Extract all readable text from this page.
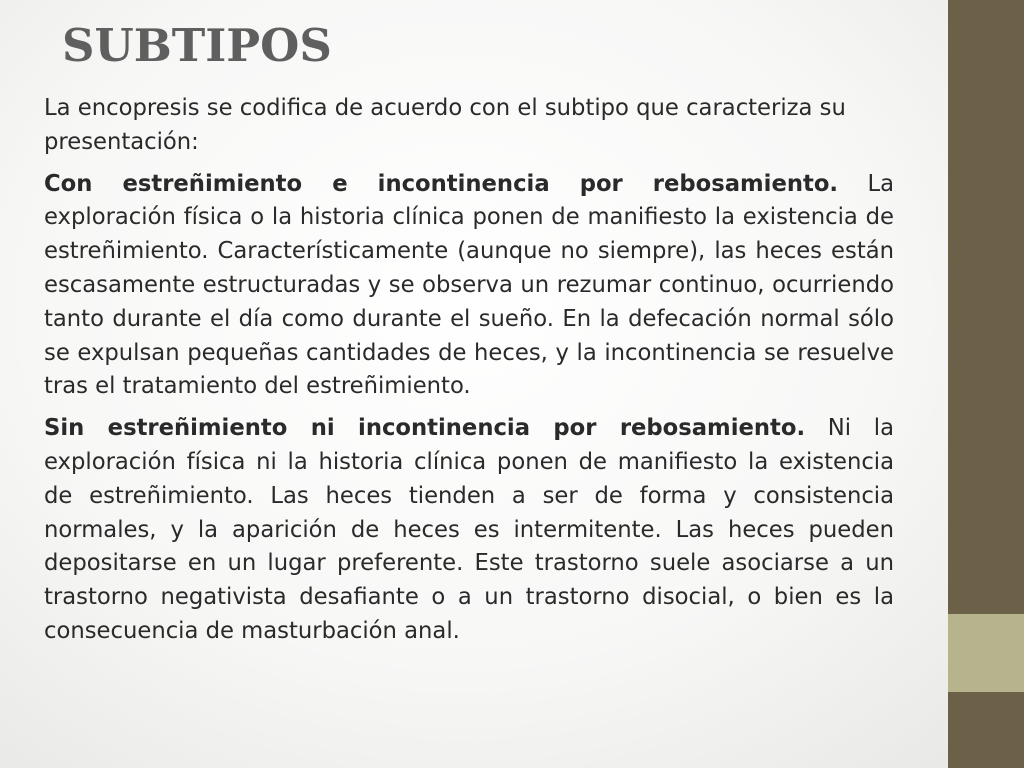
SUBTIPOS

La encopresis se codifica de acuerdo con el subtipo que caracteriza su presentación:

Con estreñimiento e incontinencia por rebosamiento. La exploración física o la historia clínica ponen de manifiesto la existencia de estreñimiento. Característicamente (aunque no siempre), las heces están escasamente estructuradas y se observa un rezumar continuo, ocurriendo tanto durante el día como durante el sueño. En la defecación normal sólo se expulsan pequeñas cantidades de heces, y la incontinencia se resuelve tras el tratamiento del estreñimiento.

Sin estreñimiento ni incontinencia por rebosamiento. Ni la exploración física ni la historia clínica ponen de manifiesto la existencia de estreñimiento. Las heces tienden a ser de forma y consistencia normales, y la aparición de heces es intermitente. Las heces pueden depositarse en un lugar preferente. Este trastorno suele asociarse a un trastorno negativista desafiante o a un trastorno disocial, o bien es la consecuencia de masturbación anal.
